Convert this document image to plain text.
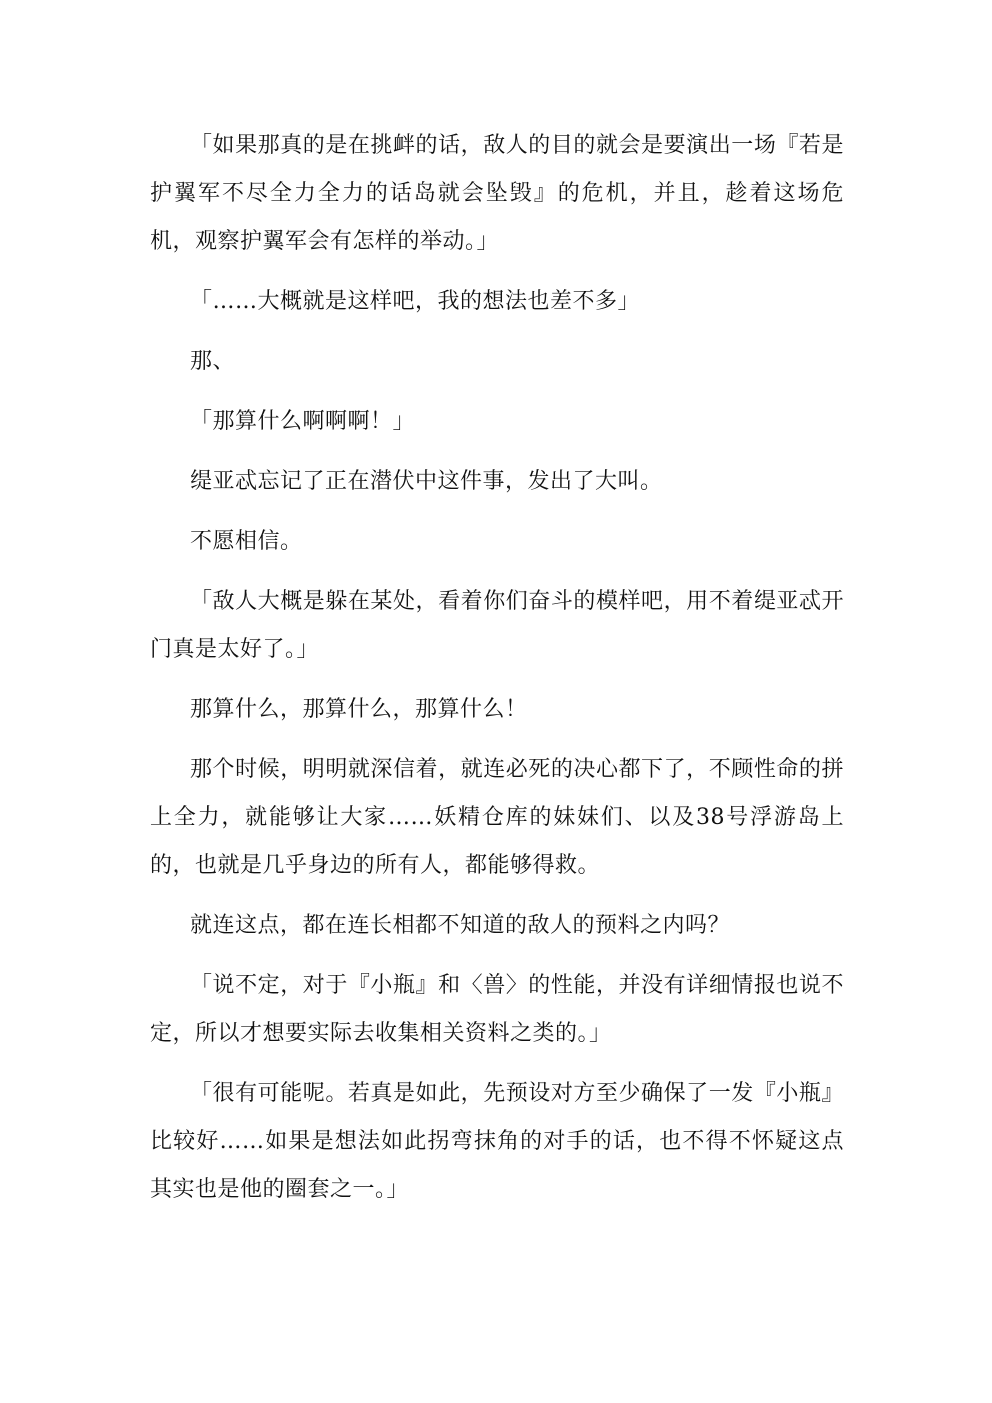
「如果那真的是在挑衅的话，敌人的目的就会是要演出一场『若是护翼军不尽全力全力的话岛就会坠毁』的危机，并且，趁着这场危机，观察护翼军会有怎样的举动。」

「……大概就是这样吧，我的想法也差不多」

那、

「那算什么啊啊啊！」

缇亚忒忘记了正在潜伏中这件事，发出了大叫。

不愿相信。

「敌人大概是躲在某处，看着你们奋斗的模样吧，用不着缇亚忒开门真是太好了。」

那算什么，那算什么，那算什么！

那个时候，明明就深信着，就连必死的决心都下了，不顾性命的拼上全力，就能够让大家……妖精仓库的妹妹们、以及38号浮游岛上的，也就是几乎身边的所有人，都能够得救。

就连这点，都在连长相都不知道的敌人的预料之内吗？

「说不定，对于『小瓶』和〈兽〉的性能，并没有详细情报也说不定，所以才想要实际去收集相关资料之类的。」

「很有可能呢。若真是如此，先预设对方至少确保了一发『小瓶』比较好……如果是想法如此拐弯抹角的对手的话，也不得不怀疑这点其实也是他的圈套之一。」
